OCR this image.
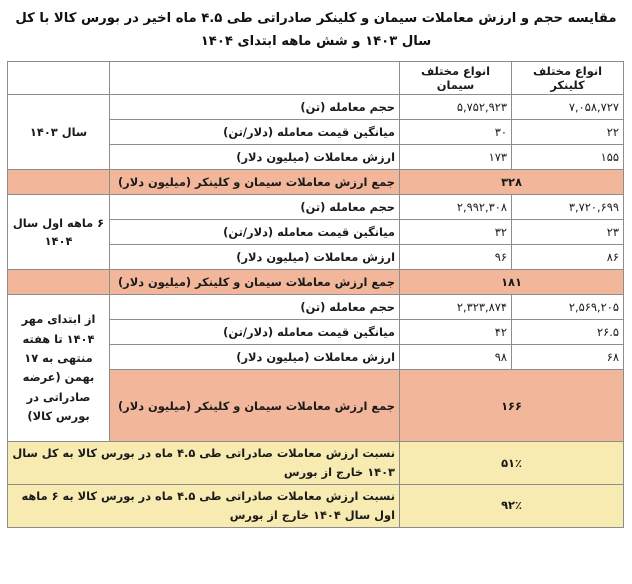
مقایسه حجم و ارزش معاملات سیمان و کلینکر صادراتی طی ۴.۵ ماه اخیر در بورس کالا با کل سال ۱۴۰۳ و شش ماهه ابتدای ۱۴۰۴
انواع مختلف کلینکر	انواع مختلف سیمان		
۷,۰۵۸,۷۲۷	۵,۷۵۲,۹۲۳	حجم معامله (تن)	سال ۱۴۰۳
۲۲	۳۰	میانگین قیمت معامله (دلار/تن)	
۱۵۵	۱۷۳	ارزش معاملات (میلیون دلار)	
۳۲۸		جمع ارزش معاملات سیمان و کلینکر (میلیون دلار)	
۳,۷۲۰,۶۹۹	۲,۹۹۲,۳۰۸	حجم معامله (تن)	۶ ماهه اول سال ۱۴۰۴
۲۳	۳۲	میانگین قیمت معامله (دلار/تن)	
۸۶	۹۶	ارزش معاملات (میلیون دلار)	
۱۸۱		جمع ارزش معاملات سیمان و کلینکر (میلیون دلار)	
۲,۵۶۹,۲۰۵	۲,۳۲۳,۸۷۴	حجم معامله (تن)	از ابتدای مهر ۱۴۰۴ تا هفته منتهی به ۱۷ بهمن (عرضه صادراتی در بورس کالا)
۲۶.۵	۴۲	میانگین قیمت معامله (دلار/تن)	
۶۸	۹۸	ارزش معاملات (میلیون دلار)	
۱۶۶		جمع ارزش معاملات سیمان و کلینکر (میلیون دلار)	
۵۱٪		نسبت ارزش معاملات صادراتی طی ۴.۵ ماه در بورس کالا به کل سال ۱۴۰۳ خارج از بورس	
۹۲٪		نسبت ارزش معاملات صادراتی طی ۴.۵ ماه در بورس کالا به ۶ ماهه اول سال ۱۴۰۴ خارج از بورس	
